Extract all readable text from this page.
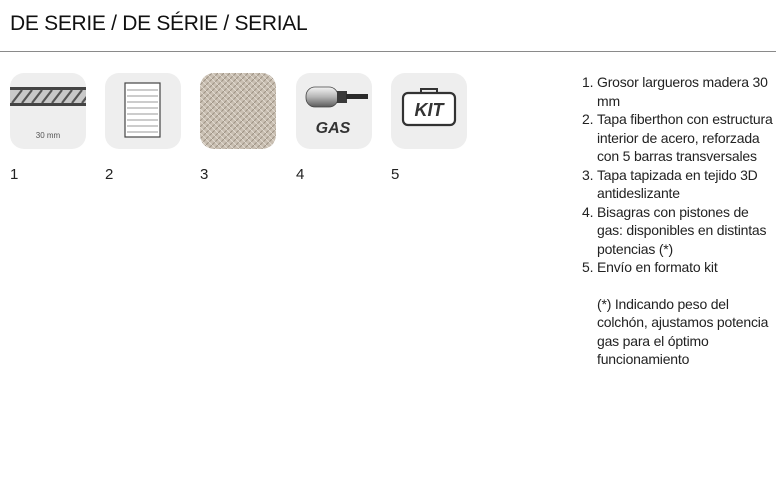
DE SERIE / DE SÉRIE / SERIAL
30 mm	GAS
KIT
1	2	3	4	5
1. Grosor largueros madera 30 mm
2. Tapa fiberthon con estructura interior de acero, reforzada con 5 barras transversales
3. Tapa tapizada en tejido 3D antideslizante
4. Bisagras con pistones de gas: disponibles en distintas potencias (*)
5. Envío en formato kit
(*) Indicando peso del colchón, ajustamos potencia gas para el óptimo funcionamiento
